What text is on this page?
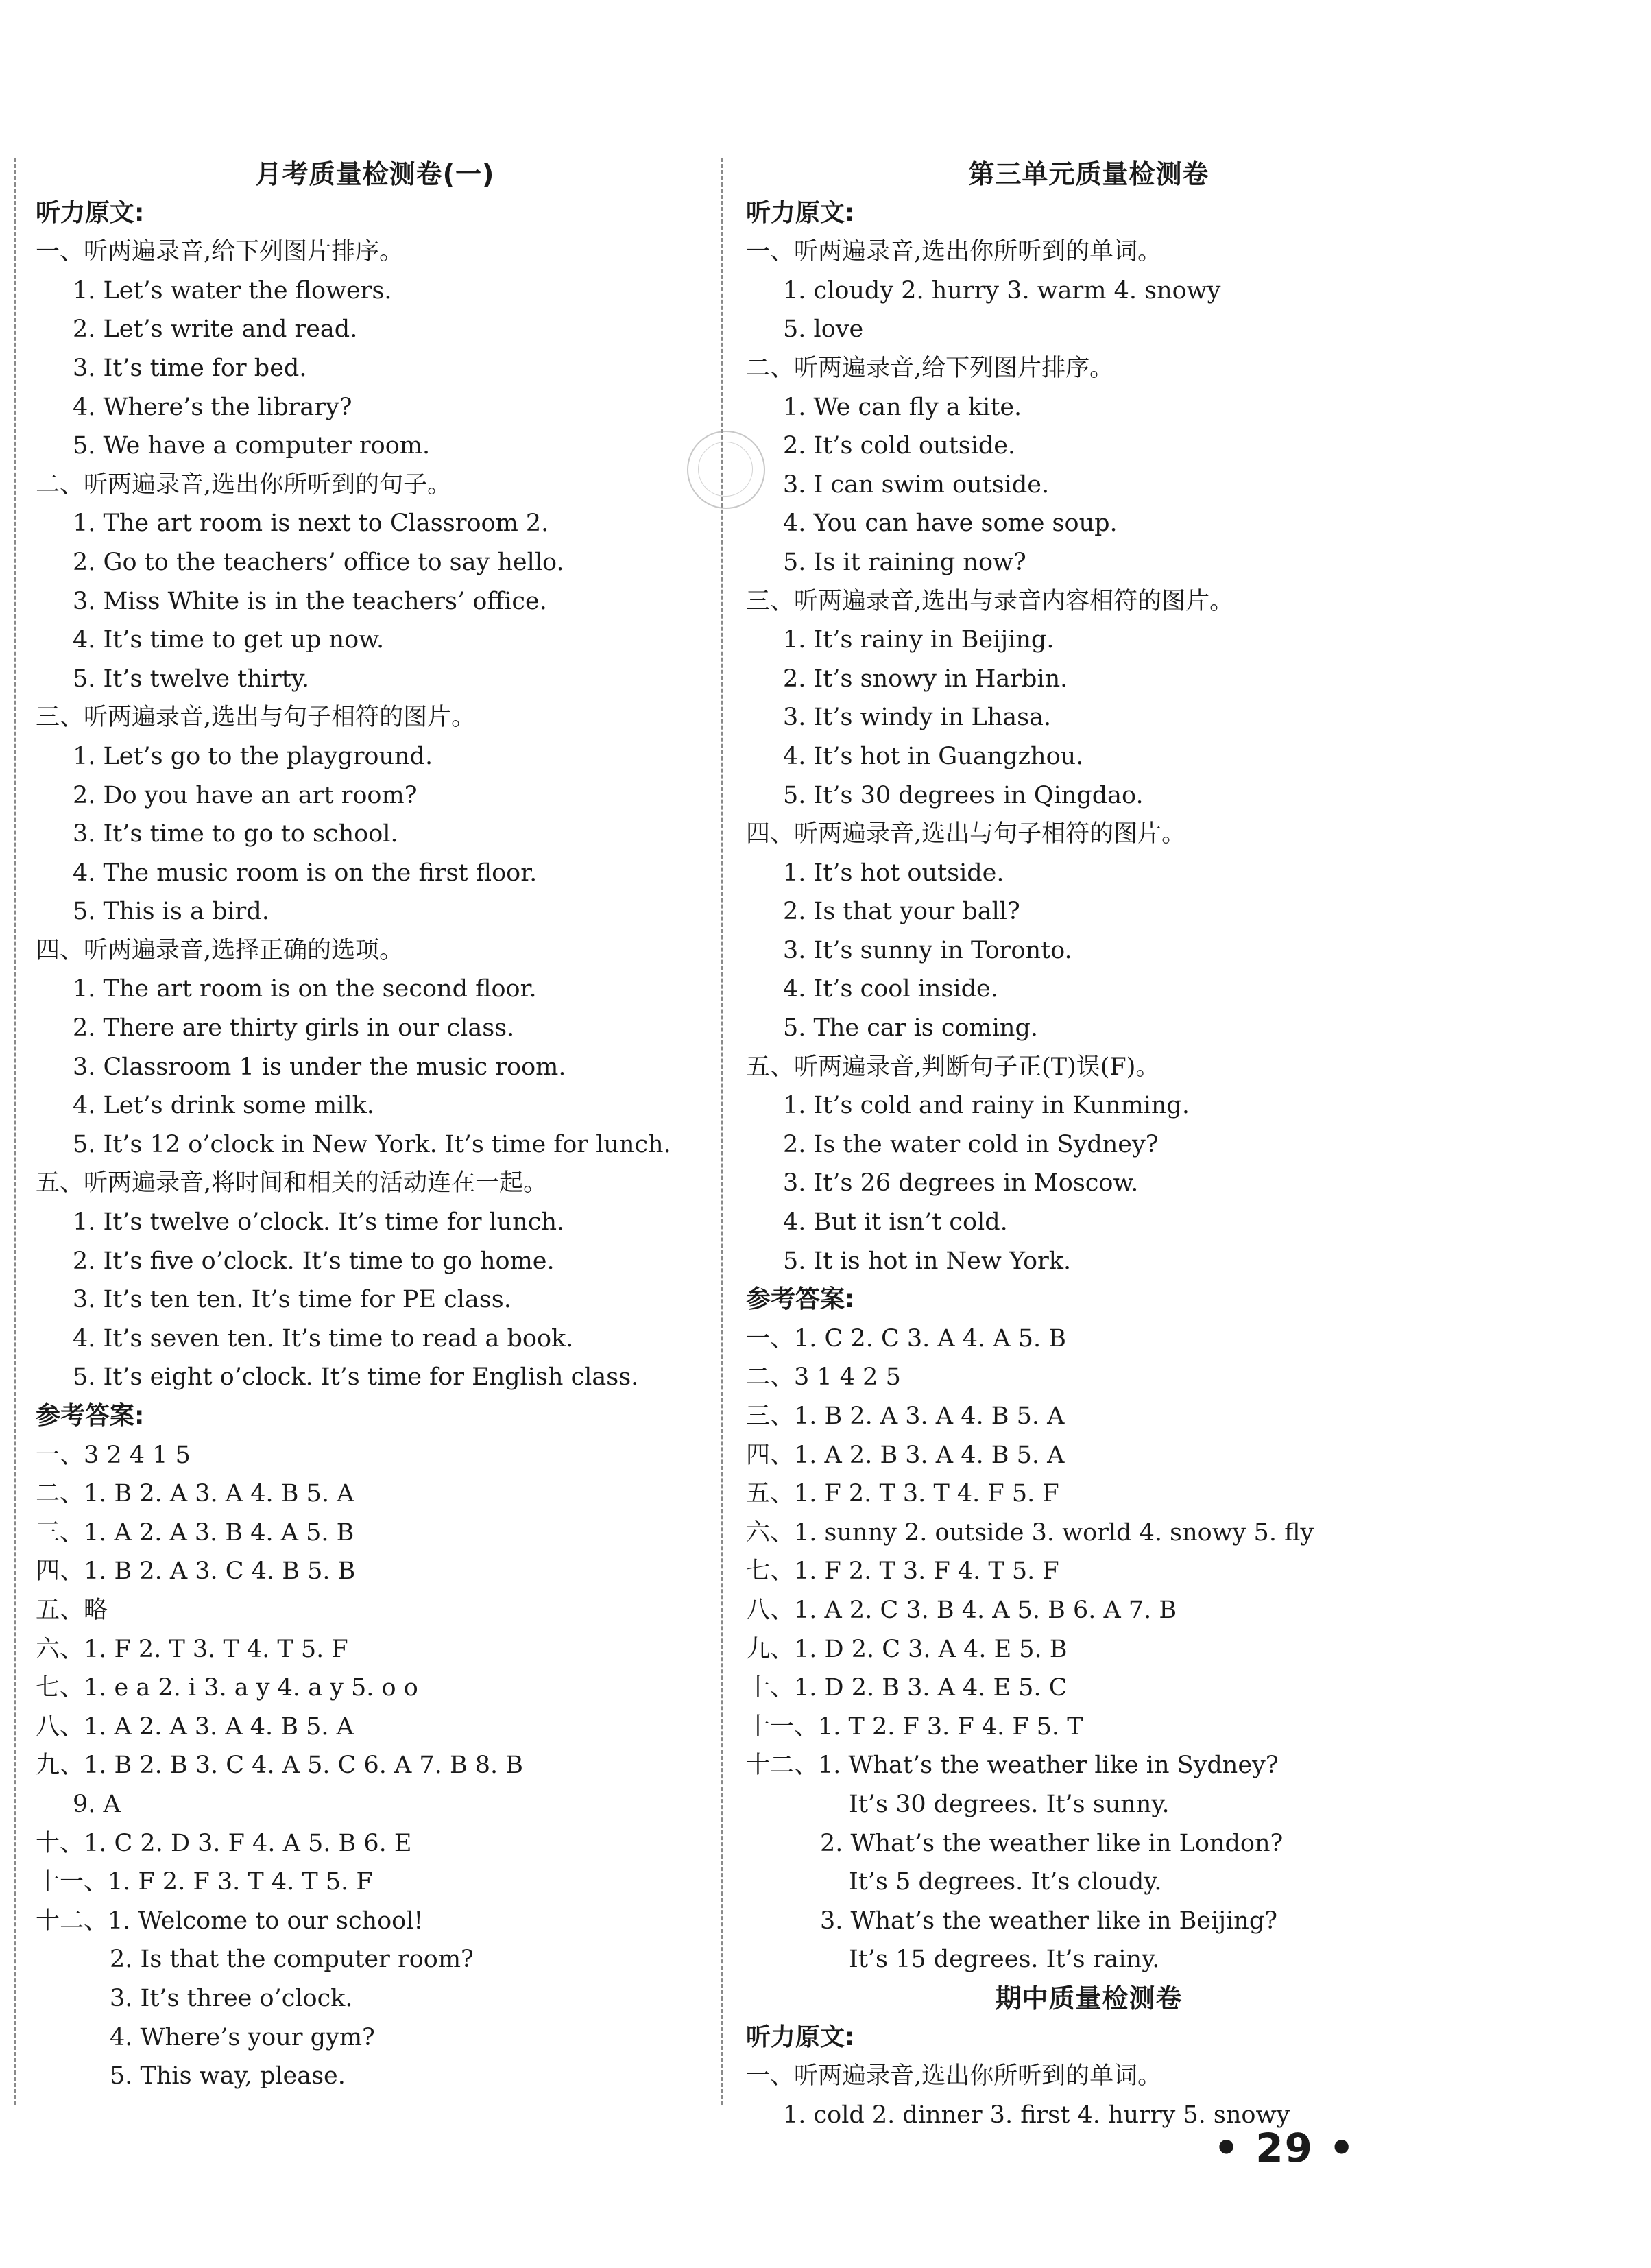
月考质量检测卷(一)
听力原文:
一、听两遍录音,给下列图片排序。
1. Let’s water the flowers.
2. Let’s write and read.
3. It’s time for bed.
4. Where’s the library?
5. We have a computer room.
二、听两遍录音,选出你所听到的句子。
1. The art room is next to Classroom 2.
2. Go to the teachers’ office to say hello.
3. Miss White is in the teachers’ office.
4. It’s time to get up now.
5. It’s twelve thirty.
三、听两遍录音,选出与句子相符的图片。
1. Let’s go to the playground.
2. Do you have an art room?
3. It’s time to go to school.
4. The music room is on the first floor.
5. This is a bird.
四、听两遍录音,选择正确的选项。
1. The art room is on the second floor.
2. There are thirty girls in our class.
3. Classroom 1 is under the music room.
4. Let’s drink some milk.
5. It’s 12 o’clock in New York. It’s time for lunch.
五、听两遍录音,将时间和相关的活动连在一起。
1. It’s twelve o’clock. It’s time for lunch.
2. It’s five o’clock. It’s time to go home.
3. It’s ten ten. It’s time for PE class.
4. It’s seven ten. It’s time to read a book.
5. It’s eight o’clock. It’s time for English class.
参考答案:
一、3 2 4 1 5
二、1. B 2. A 3. A 4. B 5. A
三、1. A 2. A 3. B 4. A 5. B
四、1. B 2. A 3. C 4. B 5. B
五、略
六、1. F 2. T 3. T 4. T 5. F
七、1. e a 2. i 3. a y 4. a y 5. o o
八、1. A 2. A 3. A 4. B 5. A
九、1. B 2. B 3. C 4. A 5. C 6. A 7. B 8. B
9. A
十、1. C 2. D 3. F 4. A 5. B 6. E
十一、1. F 2. F 3. T 4. T 5. F
十二、1. Welcome to our school!
2. Is that the computer room?
3. It’s three o’clock.
4. Where’s your gym?
5. This way, please.
第三单元质量检测卷
听力原文:
一、听两遍录音,选出你所听到的单词。
1. cloudy 2. hurry 3. warm 4. snowy
5. love
二、听两遍录音,给下列图片排序。
1. We can fly a kite.
2. It’s cold outside.
3. I can swim outside.
4. You can have some soup.
5. Is it raining now?
三、听两遍录音,选出与录音内容相符的图片。
1. It’s rainy in Beijing.
2. It’s snowy in Harbin.
3. It’s windy in Lhasa.
4. It’s hot in Guangzhou.
5. It’s 30 degrees in Qingdao.
四、听两遍录音,选出与句子相符的图片。
1. It’s hot outside.
2. Is that your ball?
3. It’s sunny in Toronto.
4. It’s cool inside.
5. The car is coming.
五、听两遍录音,判断句子正(T)误(F)。
1. It’s cold and rainy in Kunming.
2. Is the water cold in Sydney?
3. It’s 26 degrees in Moscow.
4. But it isn’t cold.
5. It is hot in New York.
参考答案:
一、1. C 2. C 3. A 4. A 5. B
二、3 1 4 2 5
三、1. B 2. A 3. A 4. B 5. A
四、1. A 2. B 3. A 4. B 5. A
五、1. F 2. T 3. T 4. F 5. F
六、1. sunny 2. outside 3. world 4. snowy 5. fly
七、1. F 2. T 3. F 4. T 5. F
八、1. A 2. C 3. B 4. A 5. B 6. A 7. B
九、1. D 2. C 3. A 4. E 5. B
十、1. D 2. B 3. A 4. E 5. C
十一、1. T 2. F 3. F 4. F 5. T
十二、1. What’s the weather like in Sydney?
It’s 30 degrees. It’s sunny.
2. What’s the weather like in London?
It’s 5 degrees. It’s cloudy.
3. What’s the weather like in Beijing?
It’s 15 degrees. It’s rainy.
期中质量检测卷
听力原文:
一、听两遍录音,选出你所听到的单词。
1. cold 2. dinner 3. first 4. hurry 5. snowy
• 29 •
